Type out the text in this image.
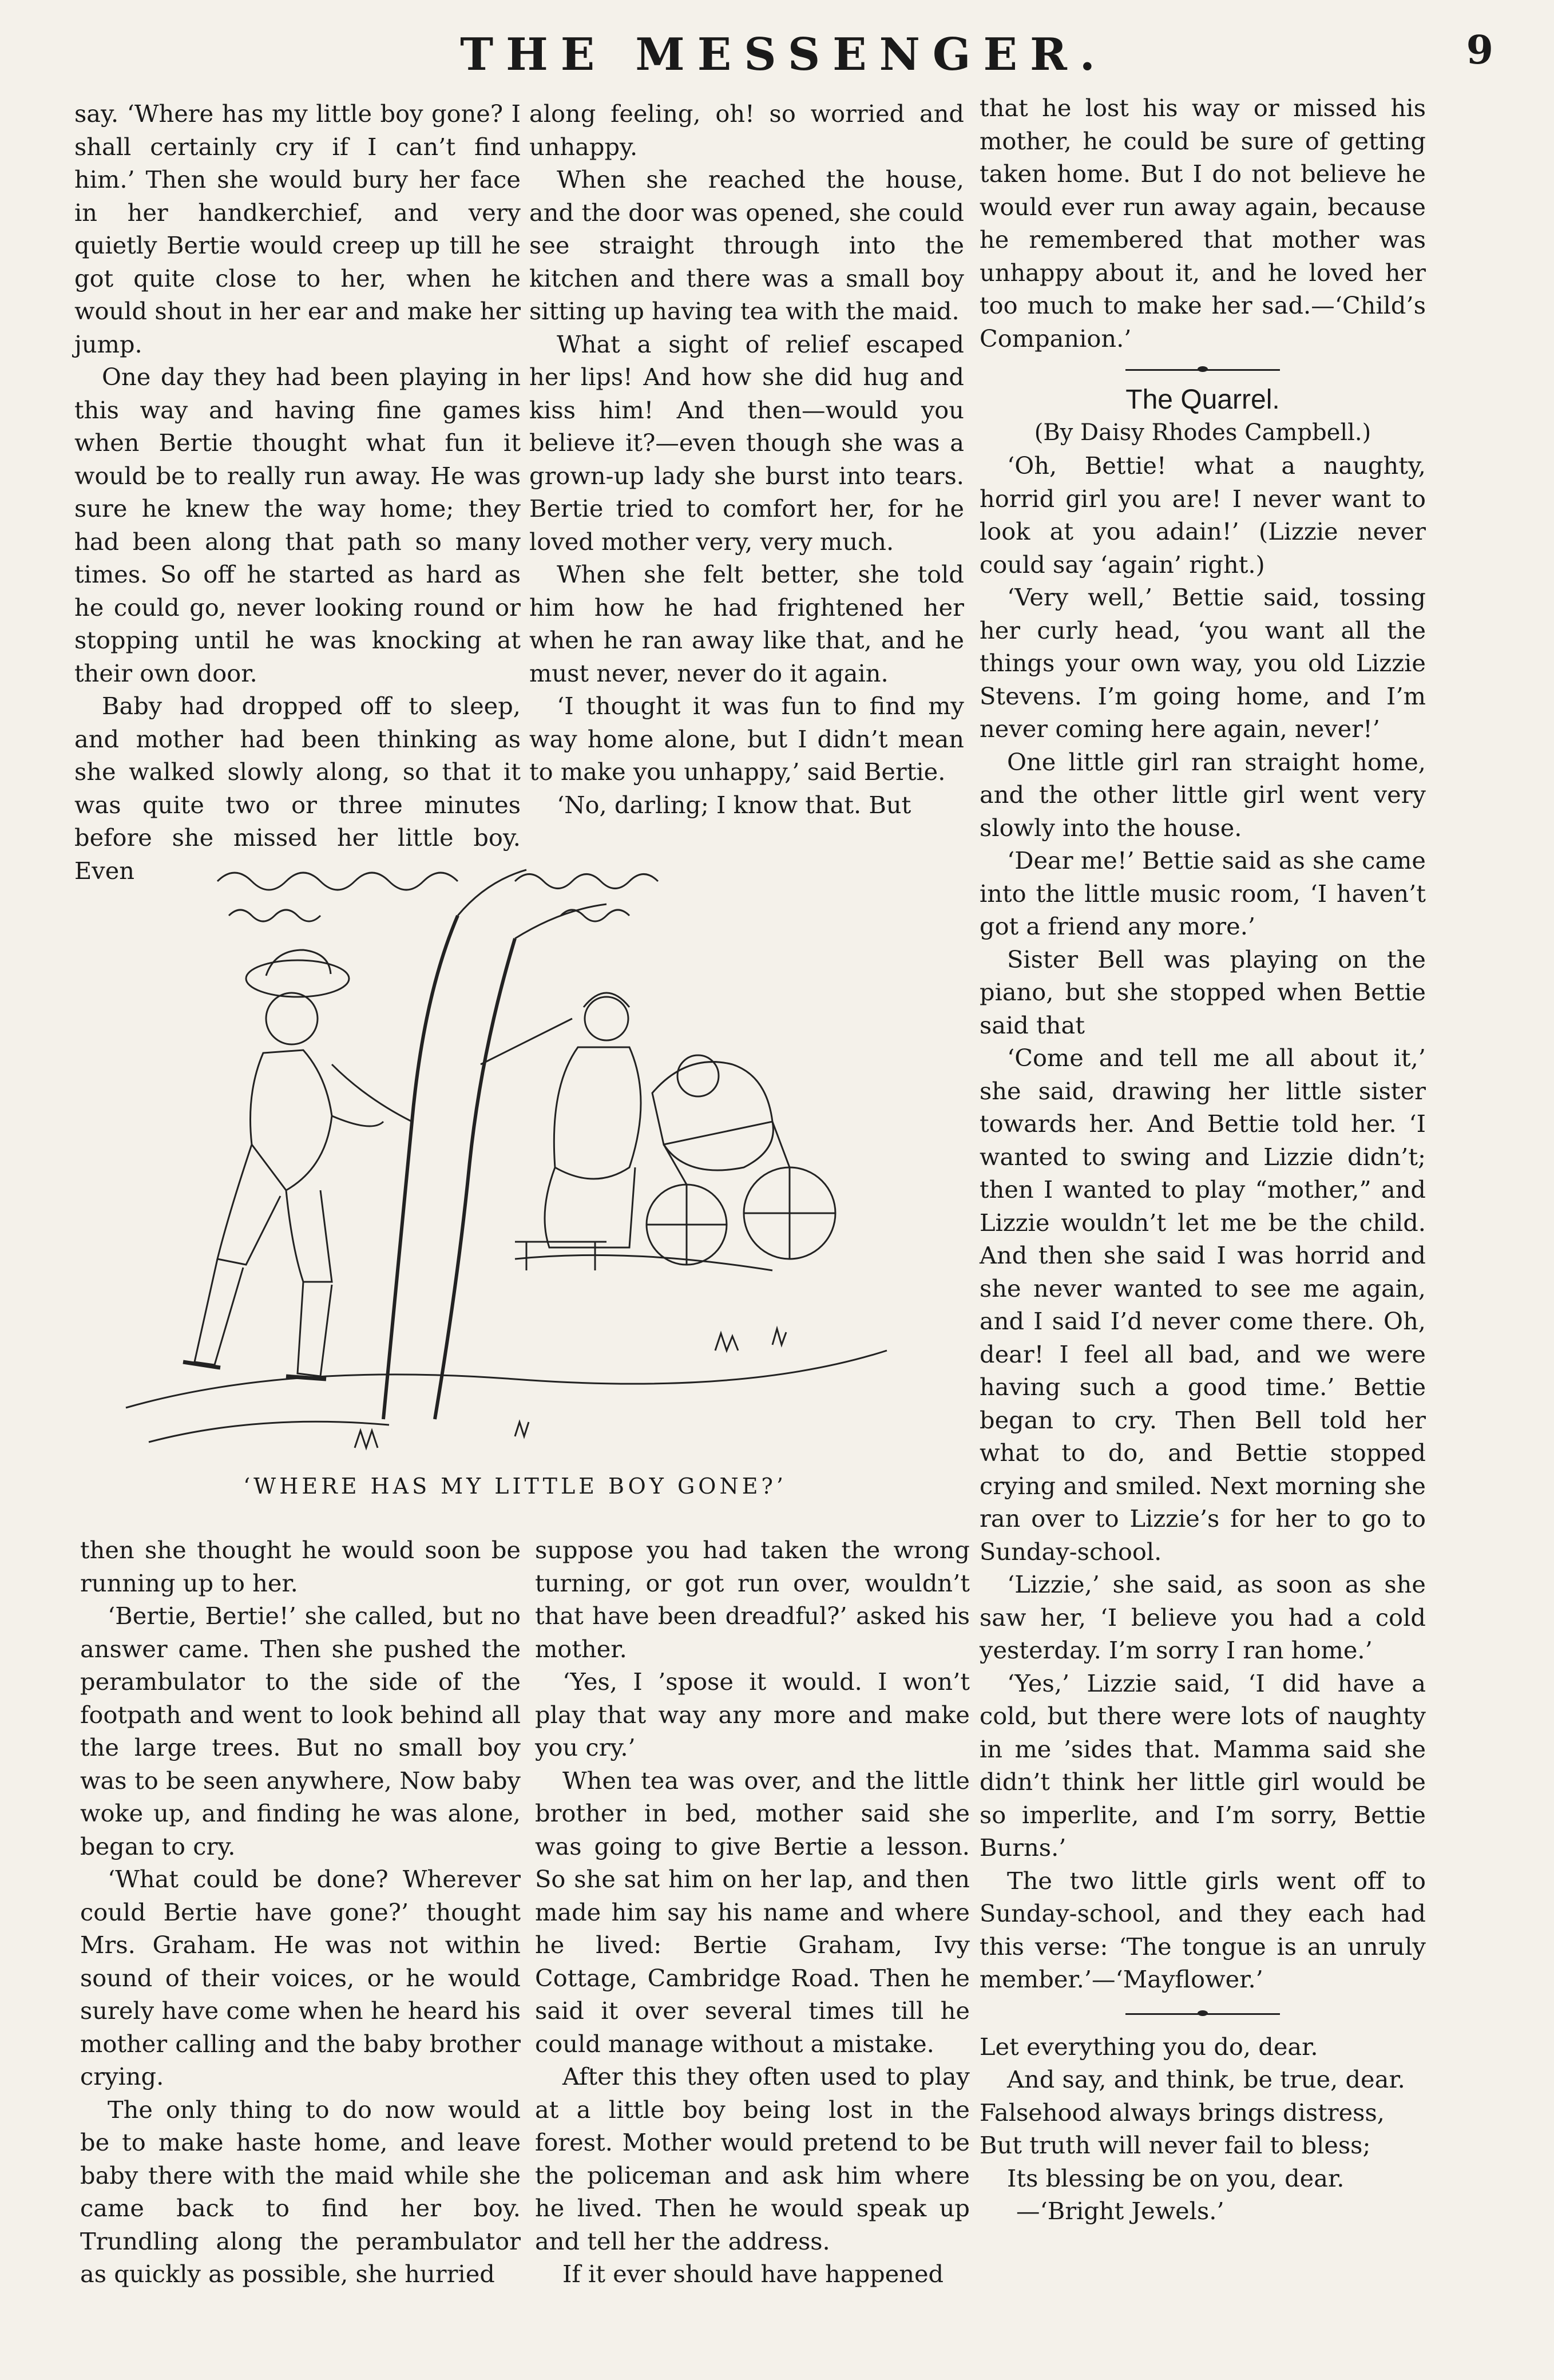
THE MESSENGER.	9

say. ‘Where has my little boy gone? I shall certainly cry if I can’t find him.’ Then she would bury her face in her handkerchief, and very quietly Bertie would creep up till he got quite close to her, when he would shout in her ear and make her jump.

One day they had been playing in this way and having fine games when Bertie thought what fun it would be to really run away. He was sure he knew the way home; they had been along that path so many times. So off he started as hard as he could go, never looking round or stopping until he was knocking at their own door.

Baby had dropped off to sleep, and mother had been thinking as she walked slowly along, so that it was quite two or three minutes before she missed her little boy. Even

along feeling, oh! so worried and unhappy.

When she reached the house, and the door was opened, she could see straight through into the kitchen and there was a small boy sitting up having tea with the maid.

What a sight of relief escaped her lips! And how she did hug and kiss him! And then—would you believe it?—even though she was a grown-up lady she burst into tears. Bertie tried to comfort her, for he loved mother very, very much.

When she felt better, she told him how he had frightened her when he ran away like that, and he must never, never do it again.

‘I thought it was fun to find my way home alone, but I didn’t mean to make you unhappy,’ said Bertie.

‘No, darling; I know that. But

‘WHERE HAS MY LITTLE BOY GONE?’

then she thought he would soon be running up to her.

‘Bertie, Bertie!’ she called, but no answer came. Then she pushed the perambulator to the side of the footpath and went to look behind all the large trees. But no small boy was to be seen anywhere, Now baby woke up, and finding he was alone, began to cry.

‘What could be done? Wherever could Bertie have gone?’ thought Mrs. Graham. He was not within sound of their voices, or he would surely have come when he heard his mother calling and the baby brother crying.

The only thing to do now would be to make haste home, and leave baby there with the maid while she came back to find her boy. Trundling along the perambulator as quickly as possible, she hurried

suppose you had taken the wrong turning, or got run over, wouldn’t that have been dreadful?’ asked his mother.

‘Yes, I ’spose it would. I won’t play that way any more and make you cry.’

When tea was over, and the little brother in bed, mother said she was going to give Bertie a lesson. So she sat him on her lap, and then made him say his name and where he lived: Bertie Graham, Ivy Cottage, Cambridge Road. Then he said it over several times till he could manage without a mistake.

After this they often used to play at a little boy being lost in the forest. Mother would pretend to be the policeman and ask him where he lived. Then he would speak up and tell her the address.

If it ever should have happened

that he lost his way or missed his mother, he could be sure of getting taken home. But I do not believe he would ever run away again, because he remembered that mother was unhappy about it, and he loved her too much to make her sad.—‘Child’s Companion.’

The Quarrel.

(By Daisy Rhodes Campbell.)

‘Oh, Bettie! what a naughty, horrid girl you are! I never want to look at you adain!’ (Lizzie never could say ‘again’ right.)

‘Very well,’ Bettie said, tossing her curly head, ‘you want all the things your own way, you old Lizzie Stevens. I’m going home, and I’m never coming here again, never!’

One little girl ran straight home, and the other little girl went very slowly into the house.

‘Dear me!’ Bettie said as she came into the little music room, ‘I haven’t got a friend any more.’

Sister Bell was playing on the piano, but she stopped when Bettie said that

‘Come and tell me all about it,’ she said, drawing her little sister towards her. And Bettie told her. ‘I wanted to swing and Lizzie didn’t; then I wanted to play “mother,” and Lizzie wouldn’t let me be the child. And then she said I was horrid and she never wanted to see me again, and I said I’d never come there. Oh, dear! I feel all bad, and we were having such a good time.’ Bettie began to cry. Then Bell told her what to do, and Bettie stopped crying and smiled. Next morning she ran over to Lizzie’s for her to go to Sunday-school.

‘Lizzie,’ she said, as soon as she saw her, ‘I believe you had a cold yesterday. I’m sorry I ran home.’

‘Yes,’ Lizzie said, ‘I did have a cold, but there were lots of naughty in me ’sides that. Mamma said she didn’t think her little girl would be so imperlite, and I’m sorry, Bettie Burns.’

The two little girls went off to Sunday-school, and they each had this verse: ‘The tongue is an unruly member.’—‘Mayflower.’

Let everything you do, dear.

And say, and think, be true, dear.

Falsehood always brings distress,

But truth will never fail to bless;

Its blessing be on you, dear.

—‘Bright Jewels.’
